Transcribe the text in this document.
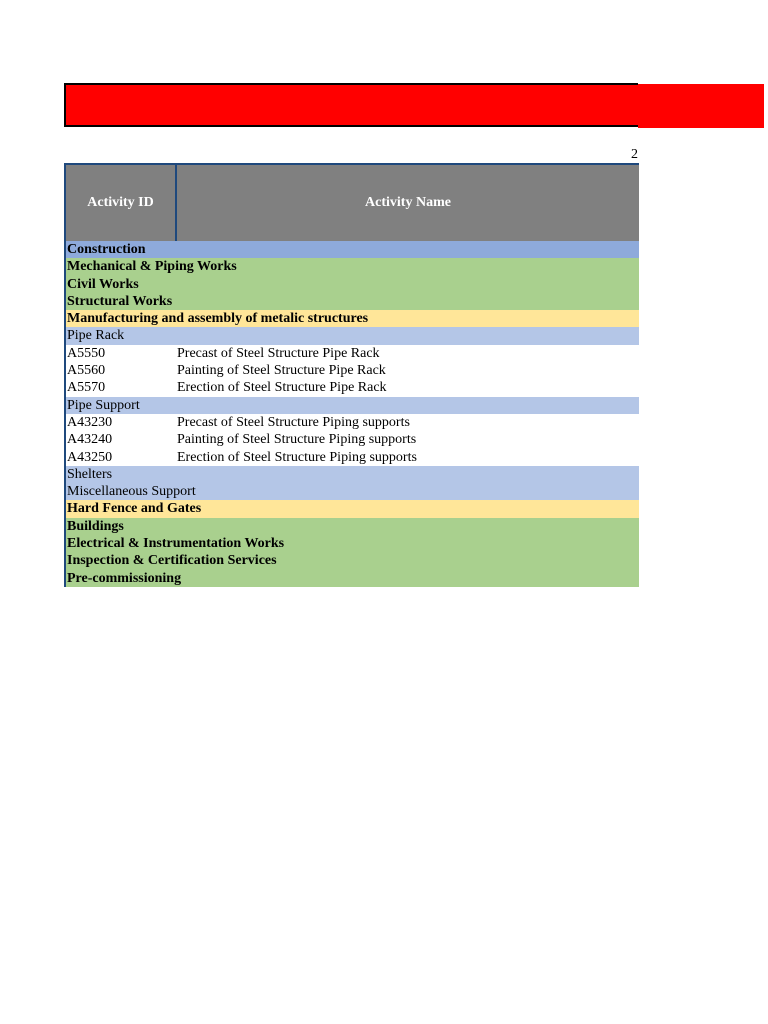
2
Activity ID	Activity Name
Construction
Mechanical & Piping Works
Civil Works
Structural Works
Manufacturing and assembly of metalic structures
Pipe Rack
A5550	Precast of Steel Structure Pipe Rack
A5560	Painting of Steel Structure Pipe Rack
A5570	Erection of Steel Structure Pipe Rack
Pipe Support
A43230	Precast of Steel Structure Piping supports
A43240	Painting of Steel Structure Piping supports
A43250	Erection of Steel Structure Piping supports
Shelters
Miscellaneous Support
Hard Fence and Gates
Buildings
Electrical & Instrumentation Works
Inspection & Certification Services
Pre-commissioning
